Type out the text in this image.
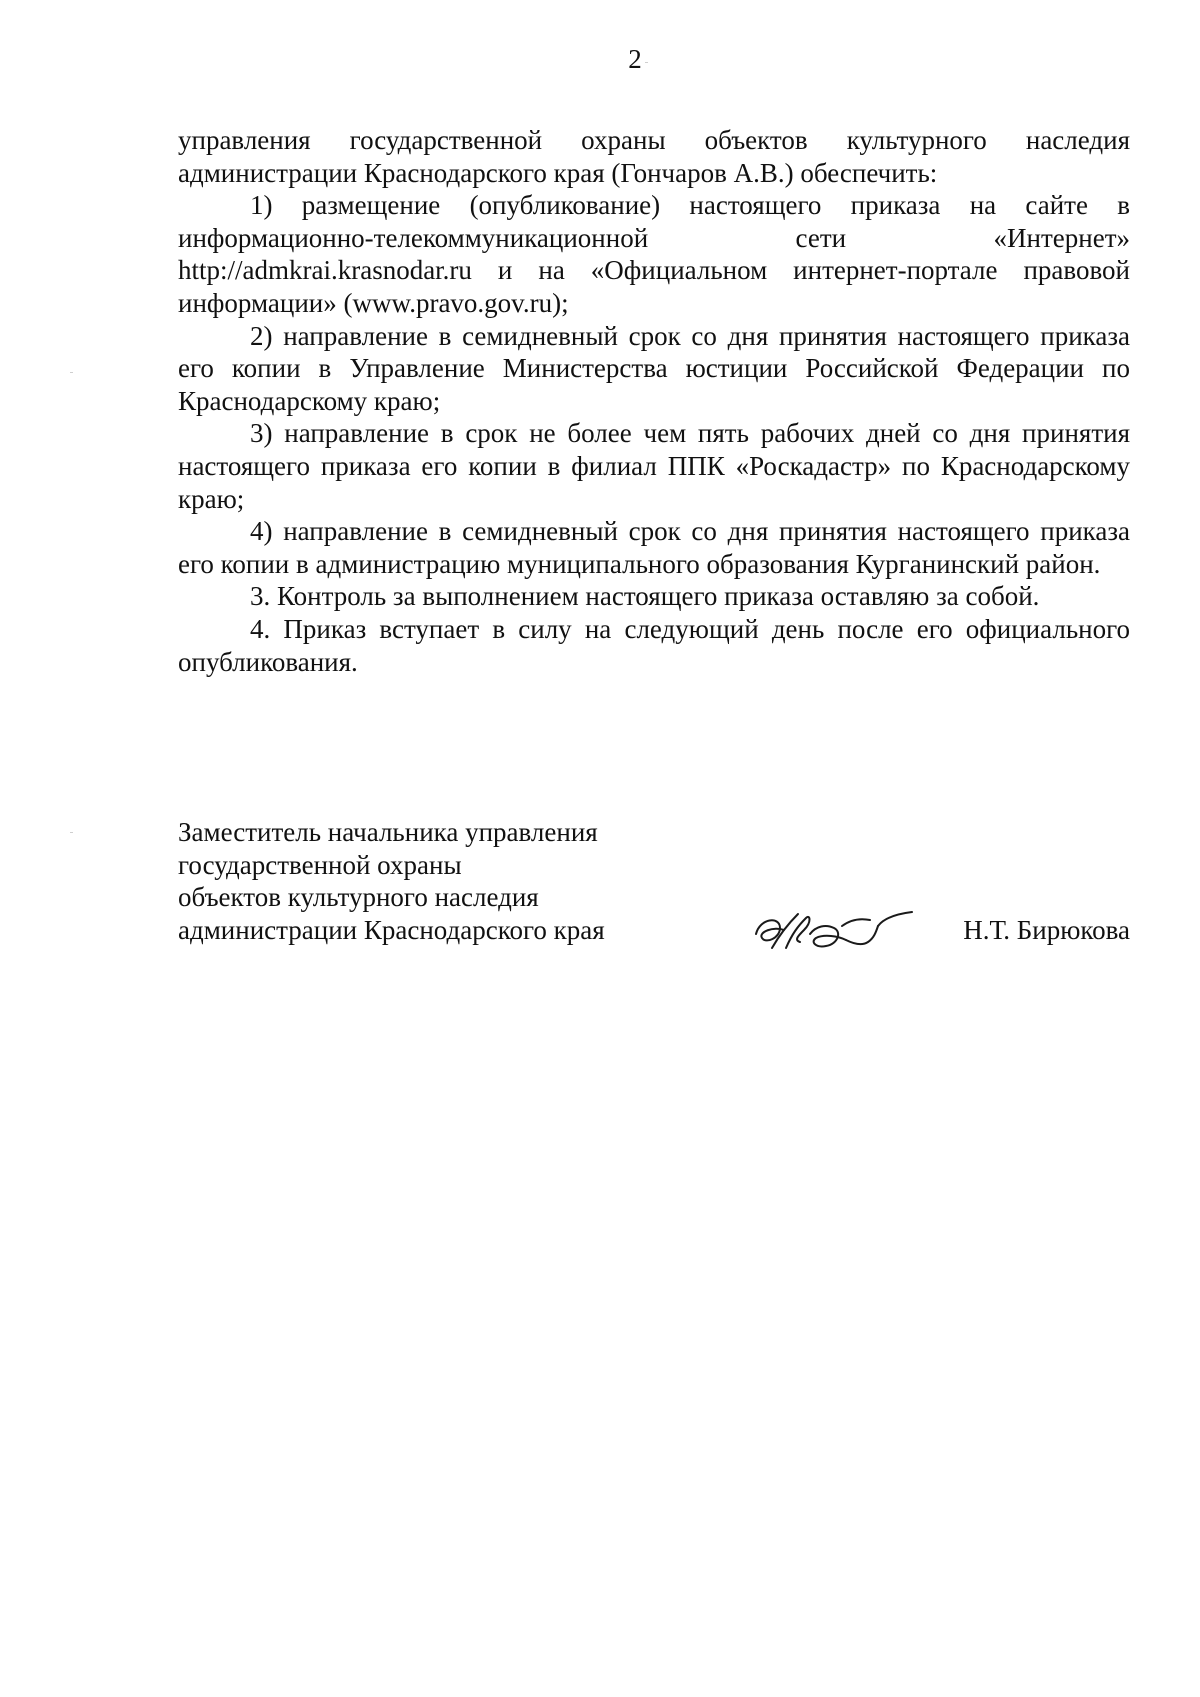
2

управления государственной охраны объектов культурного наследия администрации Краснодарского края (Гончаров А.В.) обеспечить:

1) размещение (опубликование) настоящего приказа на сайте в информационно-телекоммуникационной сети «Интернет» http://admkrai.krasnodar.ru и на «Официальном интернет-портале правовой информации» (www.pravo.gov.ru);

2) направление в семидневный срок со дня принятия настоящего приказа его копии в Управление Министерства юстиции Российской Федерации по Краснодарскому краю;

3) направление в срок не более чем пять рабочих дней со дня принятия настоящего приказа его копии в филиал ППК «Роскадастр» по Краснодарскому краю;

4) направление в семидневный срок со дня принятия настоящего приказа его копии в администрацию муниципального образования Курганинский район.

3. Контроль за выполнением настоящего приказа оставляю за собой.

4. Приказ вступает в силу на следующий день после его официального опубликования.

Заместитель начальника управления
государственной охраны
объектов культурного наследия
администрации Краснодарского края	Н.Т. Бирюкова
